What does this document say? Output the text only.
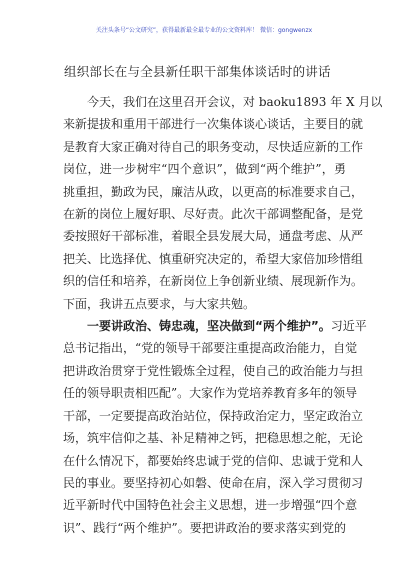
关注头条号“公文研究”，获得最新最全最专业的公文资料库！ 微信：gongwenzx
组织部长在与全县新任职干部集体谈话时的讲话

今天，我们在这里召开会议，对 baoku1893 年 X 月以
来新提拔和重用干部进行一次集体谈心谈话，主要目的就
是教育大家正确对待自己的职务变动，尽快适应新的工作
岗位，进一步树牢“四个意识”，做到“两个维护”，勇
挑重担，勤政为民，廉洁从政，以更高的标准要求自己，
在新的岗位上履好职、尽好责。此次干部调整配备，是党
委按照好干部标准，着眼全县发展大局，通盘考虑、从严
把关、比选择优、慎重研究决定的，希望大家倍加珍惜组
织的信任和培养，在新岗位上争创新业绩、展现新作为。
下面，我讲五点要求，与大家共勉。

一要讲政治、铸忠魂，坚决做到“两个维护”。习近平
总书记指出，“党的领导干部要注重提高政治能力，自觉
把讲政治贯穿于党性锻炼全过程，使自己的政治能力与担
任的领导职责相匹配”。大家作为党培养教育多年的领导
干部，一定要提高政治站位，保持政治定力，坚定政治立
场，筑牢信仰之基、补足精神之钙，把稳思想之舵，无论
在什么情况下，都要始终忠诚于党的信仰、忠诚于党和人
民的事业。要坚持初心如磐、使命在肩，深入学习贯彻习
近平新时代中国特色社会主义思想，进一步增强“四个意
识”、践行“两个维护”。要把讲政治的要求落实到党的
